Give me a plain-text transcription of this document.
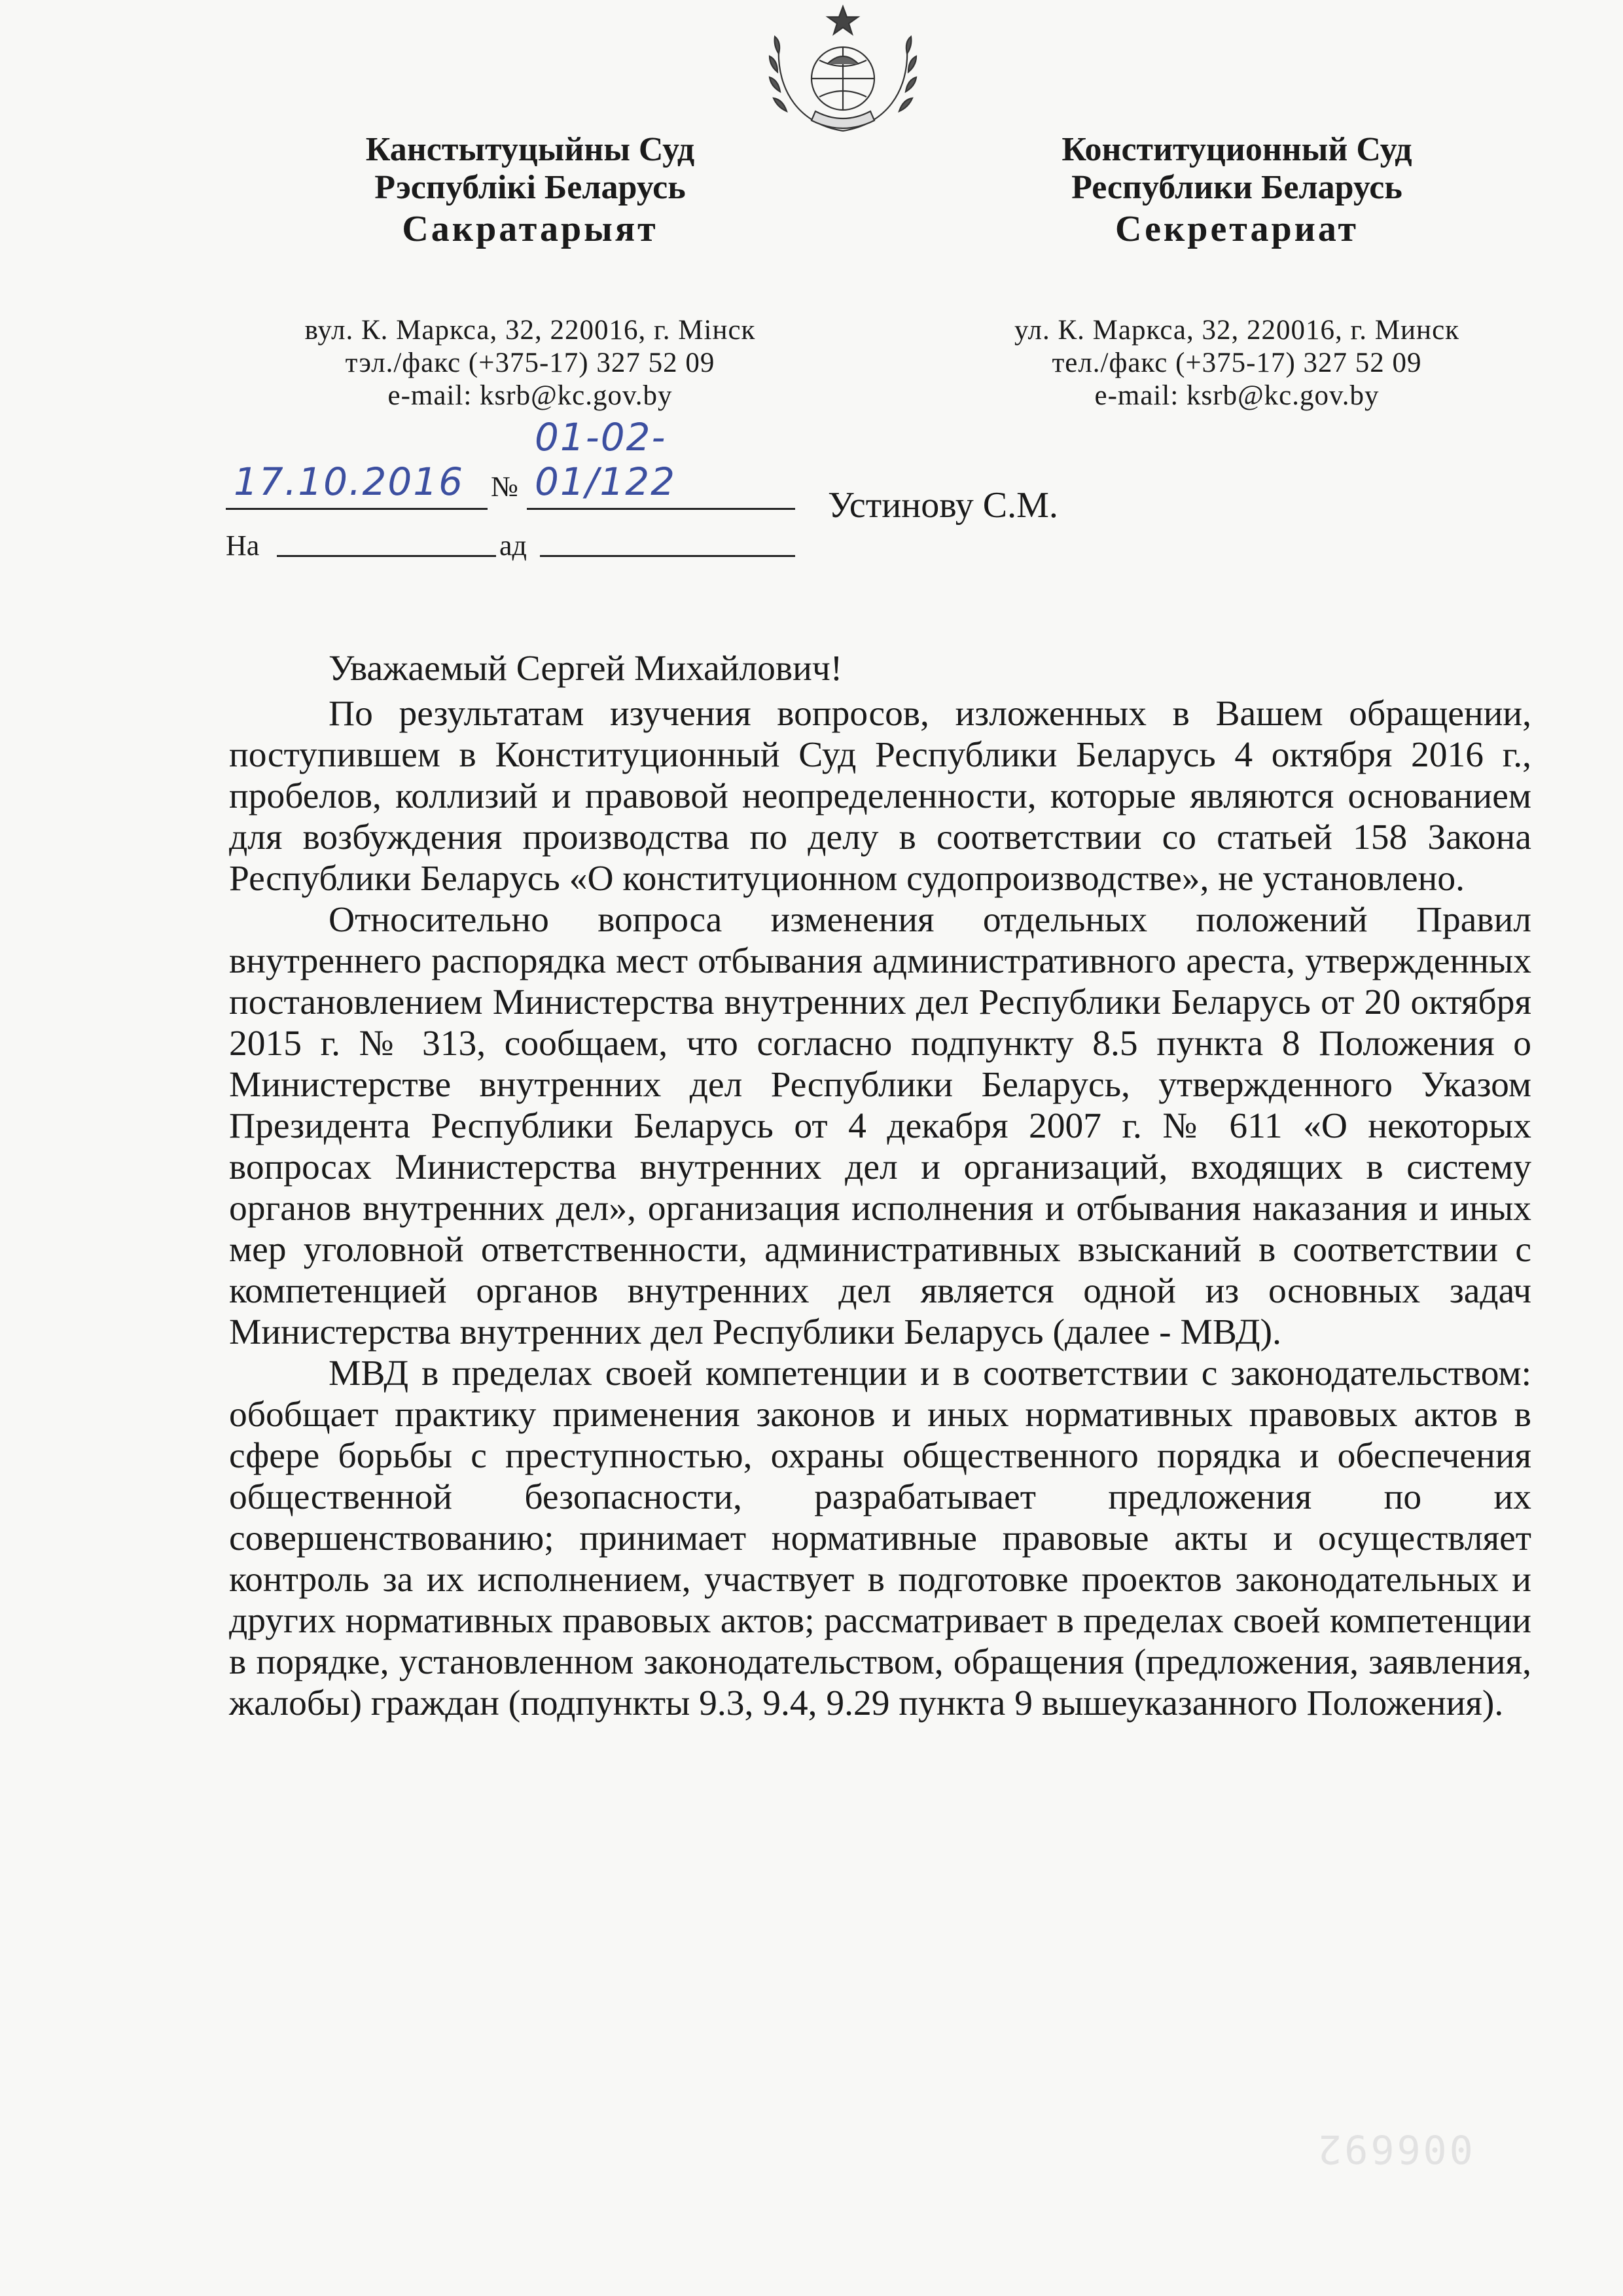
Канстытуцыйны Суд
Рэспублікі Беларусь
Сакратарыят
вул. К. Маркса, 32, 220016, г. Мінск
тэл./факс (+375-17) 327 52 09
e-mail: ksrb@kc.gov.by
Конституционный Суд
Республики Беларусь
Секретариат
ул. К. Маркса, 32, 220016, г. Минск
тел./факс (+375-17) 327 52 09
e-mail: ksrb@kc.gov.by
17.10.2016 №
01-02-01/122
На	ад
Устинову С.М.
Уважаемый Сергей Михайлович!

По результатам изучения вопросов, изложенных в Вашем обращении, поступившем в Конституционный Суд Республики Беларусь 4 октября 2016 г., пробелов, коллизий и правовой неопределенности, которые являются основанием для возбуждения производства по делу в соответствии со статьей 158 Закона Республики Беларусь «О конституционном судопроизводстве», не установлено.

Относительно вопроса изменения отдельных положений Правил внутреннего распорядка мест отбывания административного ареста, утвержденных постановлением Министерства внутренних дел Республики Беларусь от 20 октября 2015 г. № 313, сообщаем, что согласно подпункту 8.5 пункта 8 Положения о Министерстве внутренних дел Республики Беларусь, утвержденного Указом Президента Республики Беларусь от 4 декабря 2007 г. № 611 «О некоторых вопросах Министерства внутренних дел и организаций, входящих в систему органов внутренних дел», организация исполнения и отбывания наказания и иных мер уголовной ответственности, административных взысканий в соответствии с компетенцией органов внутренних дел является одной из основных задач Министерства внутренних дел Республики Беларусь (далее - МВД).

МВД в пределах своей компетенции и в соответствии с законодательством: обобщает практику применения законов и иных нормативных правовых актов в сфере борьбы с преступностью, охраны общественного порядка и обеспечения общественной безопасности, разрабатывает предложения по их совершенствованию; принимает нормативные правовые акты и осуществляет контроль за их исполнением, участвует в подготовке проектов законодательных и других нормативных правовых актов; рассматривает в пределах своей компетенции в порядке, установленном законодательством, обращения (предложения, заявления, жалобы) граждан (подпункты 9.3, 9.4, 9.29 пункта 9 вышеуказанного Положения).

006692
